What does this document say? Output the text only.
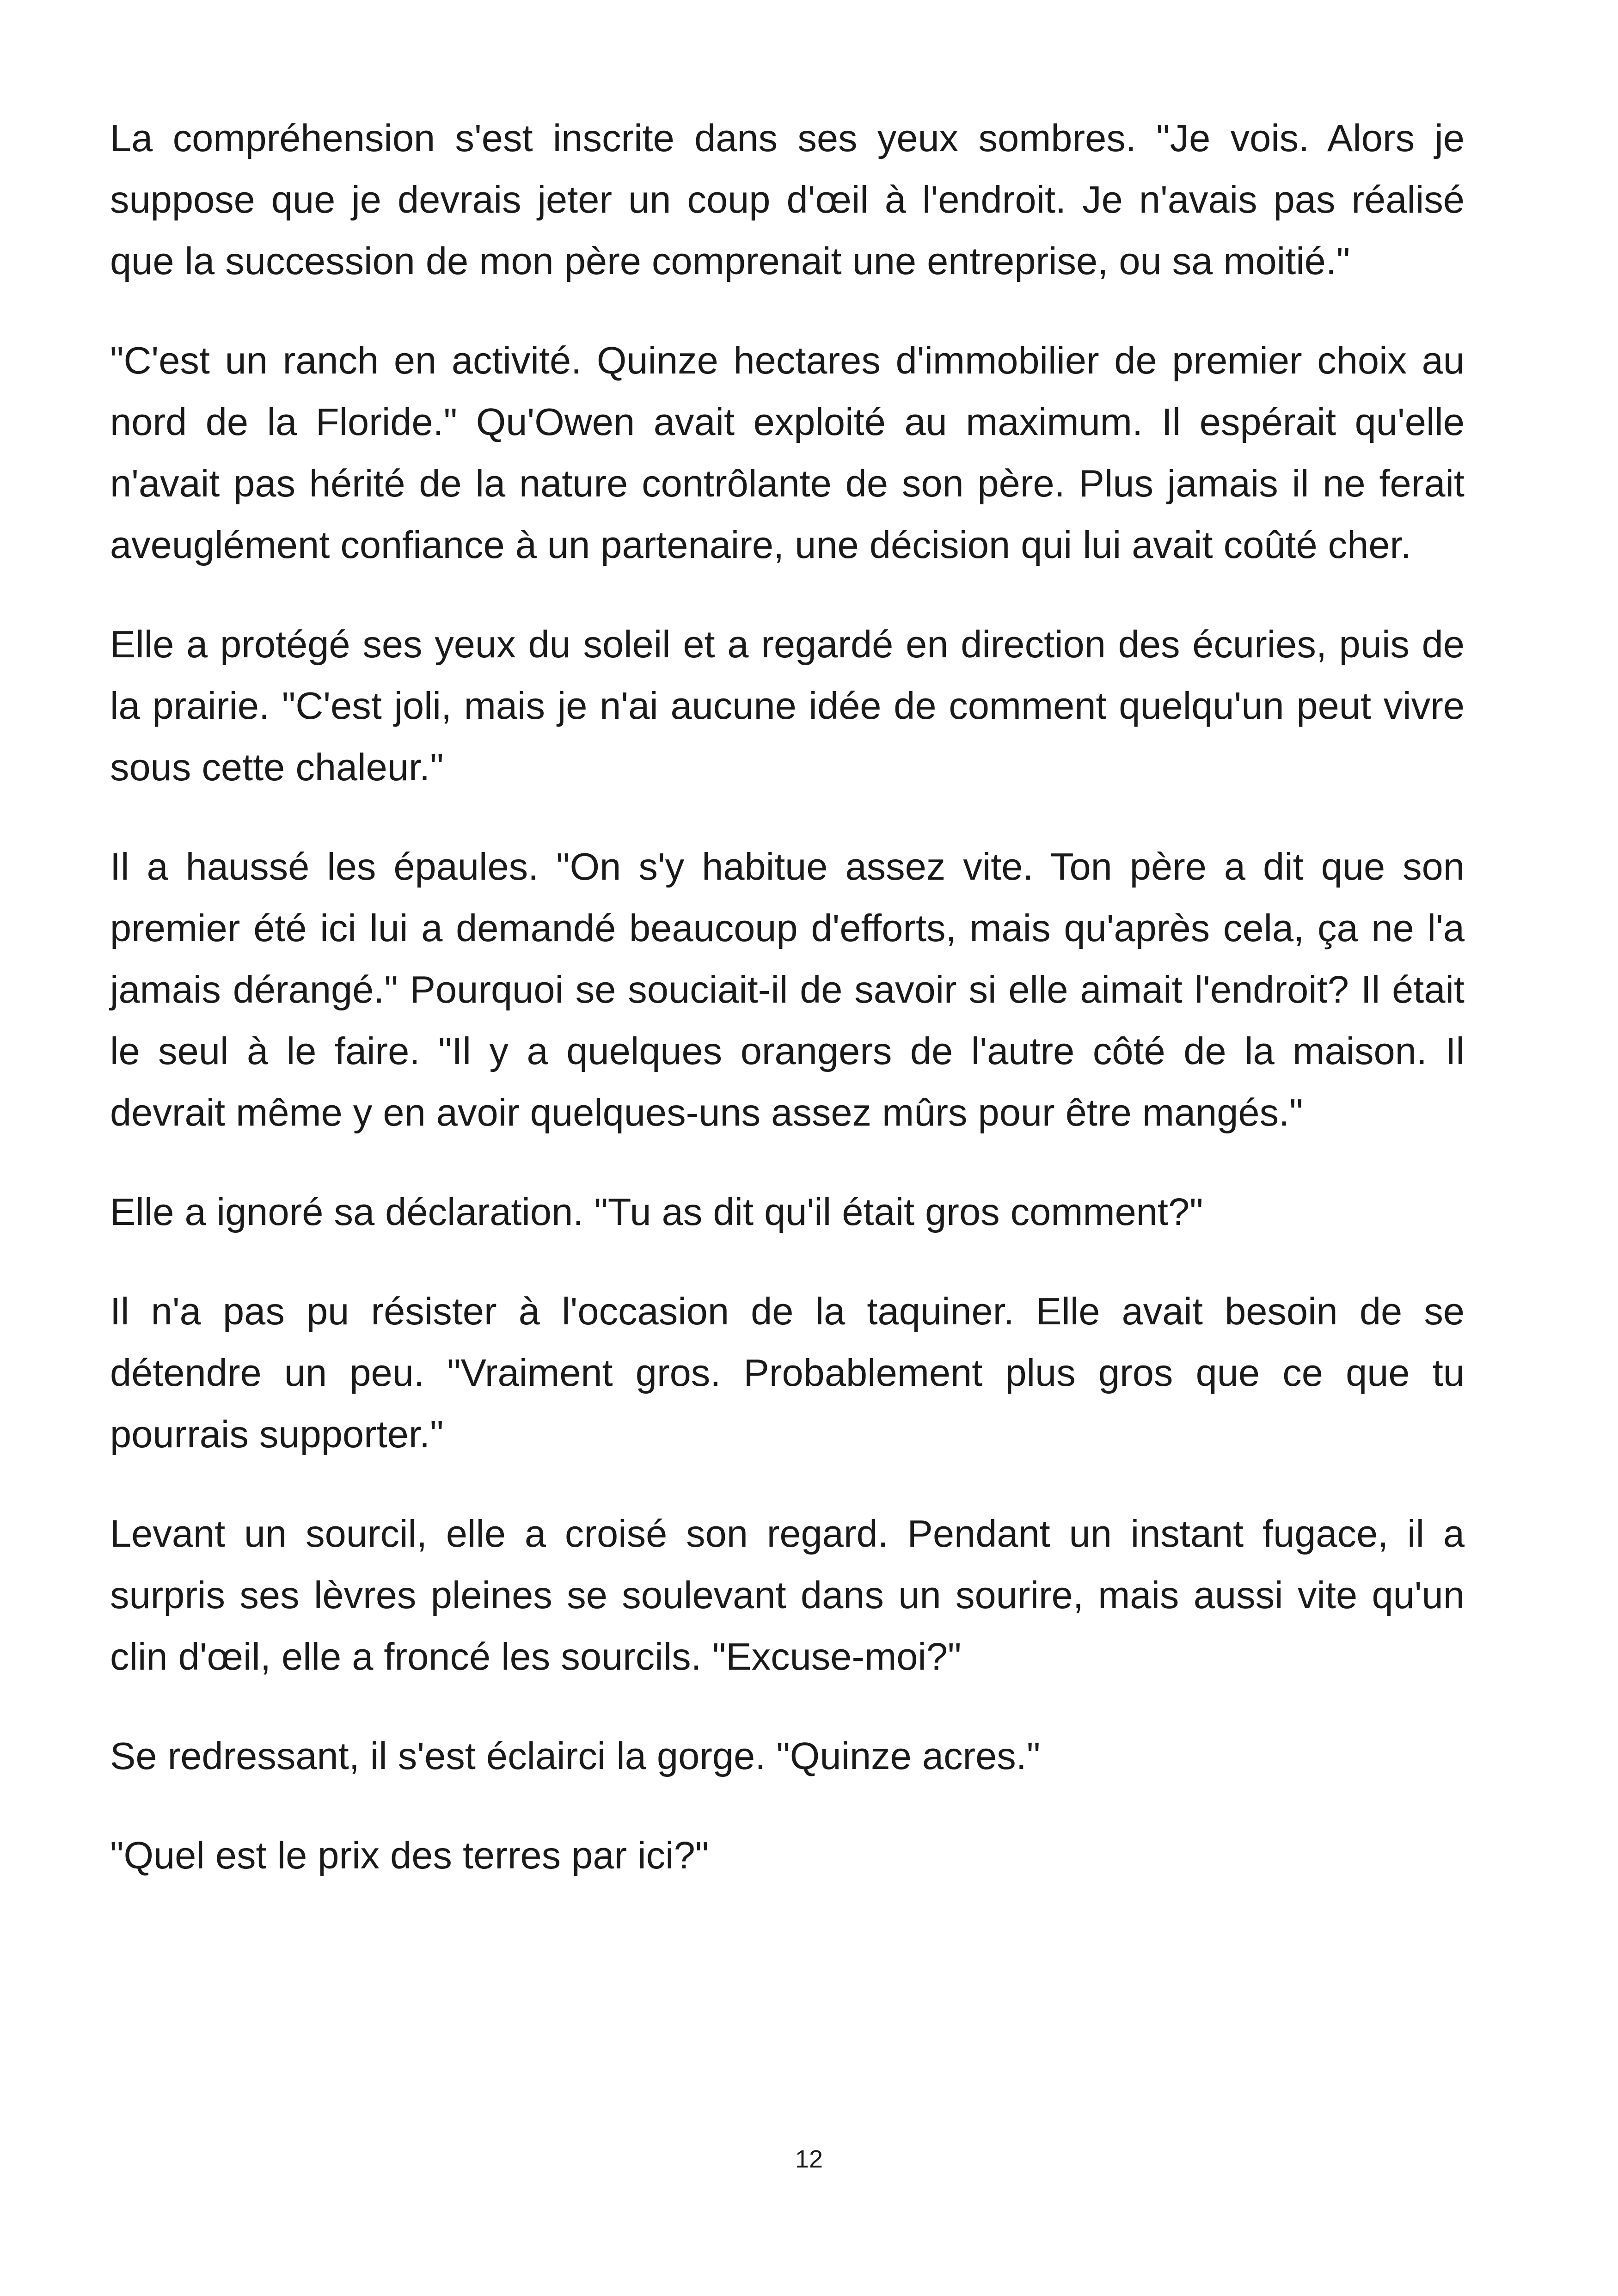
La compréhension s'est inscrite dans ses yeux sombres. "Je vois. Alors je suppose que je devrais jeter un coup d'œil à l'endroit. Je n'avais pas réalisé que la succession de mon père comprenait une entreprise, ou sa moitié."

"C'est un ranch en activité. Quinze hectares d'immobilier de premier choix au nord de la Floride." Qu'Owen avait exploité au maximum. Il espérait qu'elle n'avait pas hérité de la nature contrôlante de son père. Plus jamais il ne ferait aveuglément confiance à un partenaire, une décision qui lui avait coûté cher.

Elle a protégé ses yeux du soleil et a regardé en direction des écuries, puis de la prairie. "C'est joli, mais je n'ai aucune idée de comment quelqu'un peut vivre sous cette chaleur."

Il a haussé les épaules. "On s'y habitue assez vite. Ton père a dit que son premier été ici lui a demandé beaucoup d'efforts, mais qu'après cela, ça ne l'a jamais dérangé." Pourquoi se souciait-il de savoir si elle aimait l'endroit? Il était le seul à le faire. "Il y a quelques orangers de l'autre côté de la maison. Il devrait même y en avoir quelques-uns assez mûrs pour être mangés."

Elle a ignoré sa déclaration. "Tu as dit qu'il était gros comment?"

Il n'a pas pu résister à l'occasion de la taquiner. Elle avait besoin de se détendre un peu. "Vraiment gros. Probablement plus gros que ce que tu pourrais supporter."

Levant un sourcil, elle a croisé son regard. Pendant un instant fugace, il a surpris ses lèvres pleines se soulevant dans un sourire, mais aussi vite qu'un clin d'œil, elle a froncé les sourcils. "Excuse-moi?"

Se redressant, il s'est éclairci la gorge. "Quinze acres."

"Quel est le prix des terres par ici?"

12
